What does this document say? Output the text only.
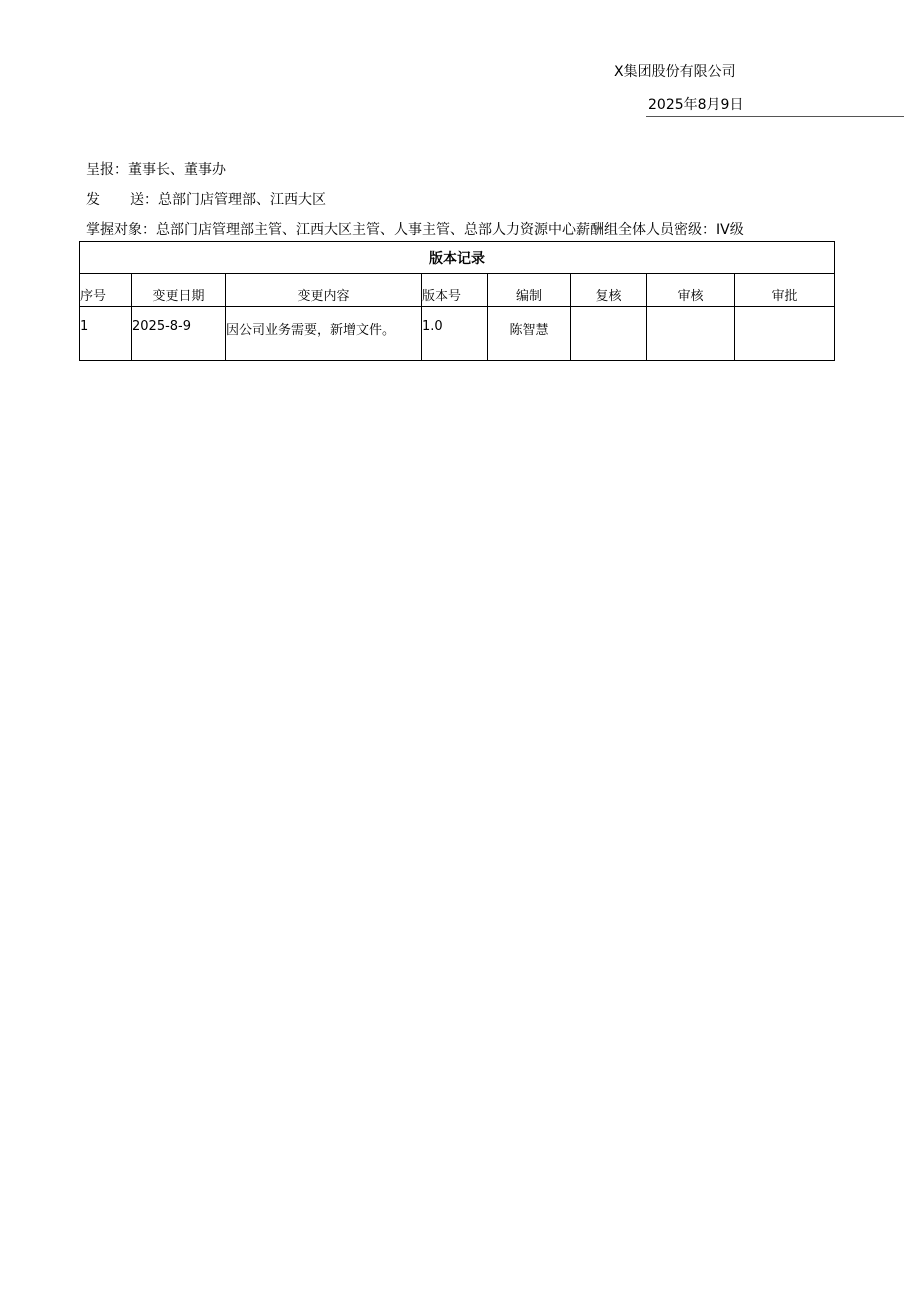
X集团股份有限公司
2025年8月9日
呈报：董事长、董事办
发 送：总部门店管理部、江西大区
掌握对象：总部门店管理部主管、江西大区主管、人事主管、总部人力资源中心薪酬组全体人员密级：IV级
版本记录							
序号	变更日期	变更内容	版本号	编制	复核	审核	审批
1	2025-8-9	因公司业务需要，新增文件。	1.0	陈智慧			
